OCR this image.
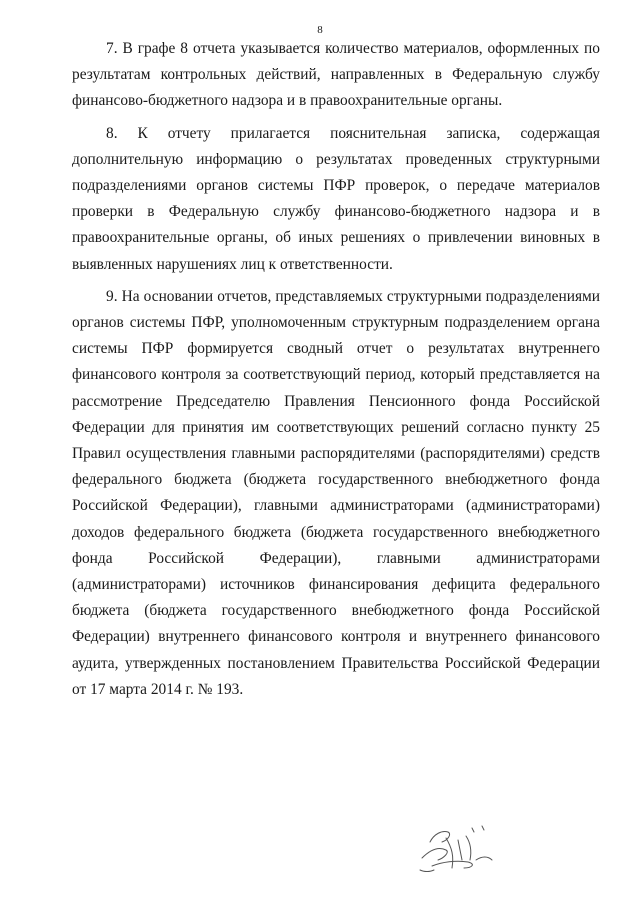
8

7. В графе 8 отчета указывается количество материалов, оформленных по результатам контрольных действий, направленных в Федеральную службу финансово-бюджетного надзора и в правоохранительные органы.

8. К отчету прилагается пояснительная записка, содержащая дополнительную информацию о результатах проведенных структурными подразделениями органов системы ПФР проверок, о передаче материалов проверки в Федеральную службу финансово-бюджетного надзора и в правоохранительные органы, об иных решениях о привлечении виновных в выявленных нарушениях лиц к ответственности.

9. На основании отчетов, представляемых структурными подразделениями органов системы ПФР, уполномоченным структурным подразделением органа системы ПФР формируется сводный отчет о результатах внутреннего финансового контроля за соответствующий период, который представляется на рассмотрение Председателю Правления Пенсионного фонда Российской Федерации для принятия им соответствующих решений согласно пункту 25 Правил осуществления главными распорядителями (распорядителями) средств федерального бюджета (бюджета государственного внебюджетного фонда Российской Федерации), главными администраторами (администраторами) доходов федерального бюджета (бюджета государственного внебюджетного фонда Российской Федерации), главными администраторами (администраторами) источников финансирования дефицита федерального бюджета (бюджета государственного внебюджетного фонда Российской Федерации) внутреннего финансового контроля и внутреннего финансового аудита, утвержденных постановлением Правительства Российской Федерации от 17 марта 2014 г. № 193.
